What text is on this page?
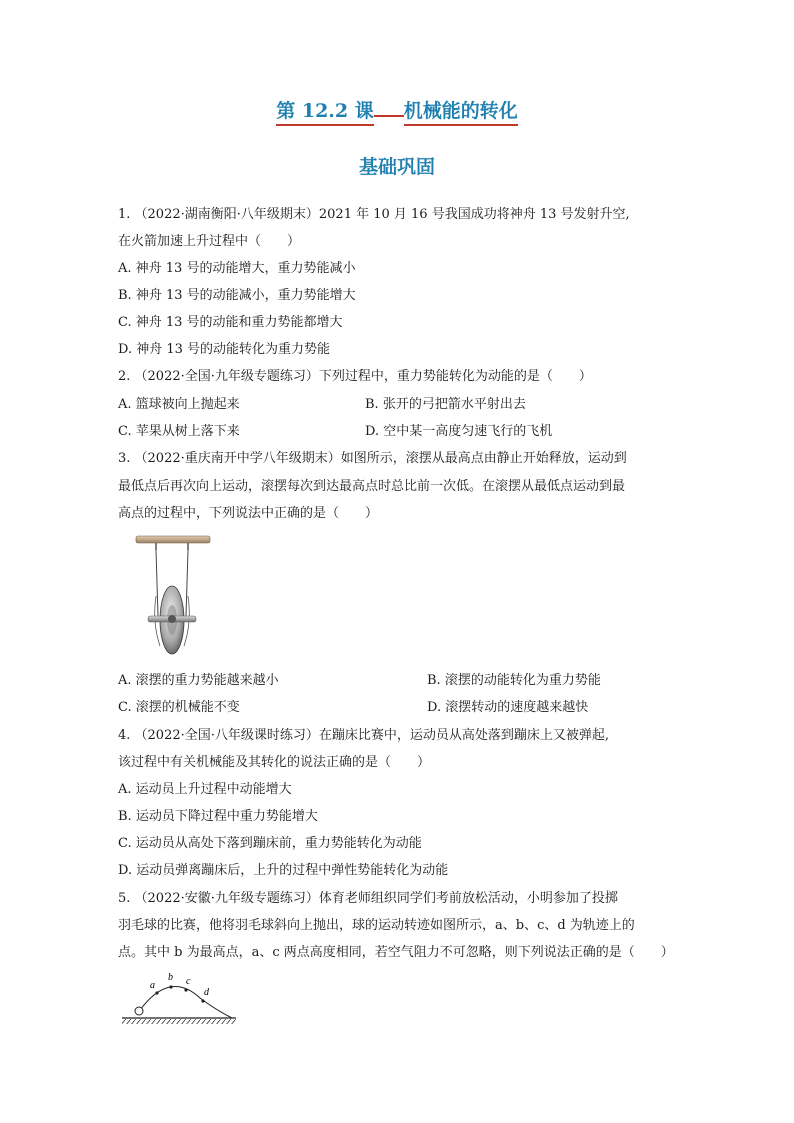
第 12.2 课 机械能的转化
基础巩固
1. （2022·湖南衡阳·八年级期末）2021 年 10 月 16 号我国成功将神舟 13 号发射升空,
在火箭加速上升过程中（　　）
A. 神舟 13 号的动能增大，重力势能减小
B. 神舟 13 号的动能减小，重力势能增大
C. 神舟 13 号的动能和重力势能都增大
D. 神舟 13 号的动能转化为重力势能
2. （2022·全国·九年级专题练习）下列过程中，重力势能转化为动能的是（　　）
A. 篮球被向上抛起来	B. 张开的弓把箭水平射出去
C. 苹果从树上落下来	D. 空中某一高度匀速飞行的飞机
3. （2022·重庆南开中学八年级期末）如图所示，滚摆从最高点由静止开始释放，运动到
最低点后再次向上运动，滚摆每次到达最高点时总比前一次低。在滚摆从最低点运动到最
高点的过程中，下列说法中正确的是（　　）
A. 滚摆的重力势能越来越小	B. 滚摆的动能转化为重力势能
C. 滚摆的机械能不变	D. 滚摆转动的速度越来越快
4. （2022·全国·八年级课时练习）在蹦床比赛中，运动员从高处落到蹦床上又被弹起,
该过程中有关机械能及其转化的说法正确的是（　　）
A. 运动员上升过程中动能增大
B. 运动员下降过程中重力势能增大
C. 运动员从高处下落到蹦床前，重力势能转化为动能
D. 运动员弹离蹦床后，上升的过程中弹性势能转化为动能
5. （2022·安徽·九年级专题练习）体育老师组织同学们考前放松活动，小明参加了投掷
羽毛球的比赛，他将羽毛球斜向上抛出，球的运动转迹如图所示，a、b、c、d 为轨迹上的
点。其中 b 为最高点，a、c 两点高度相同，若空气阻力不可忽略，则下列说法正确的是（　　）
a
b c
d
